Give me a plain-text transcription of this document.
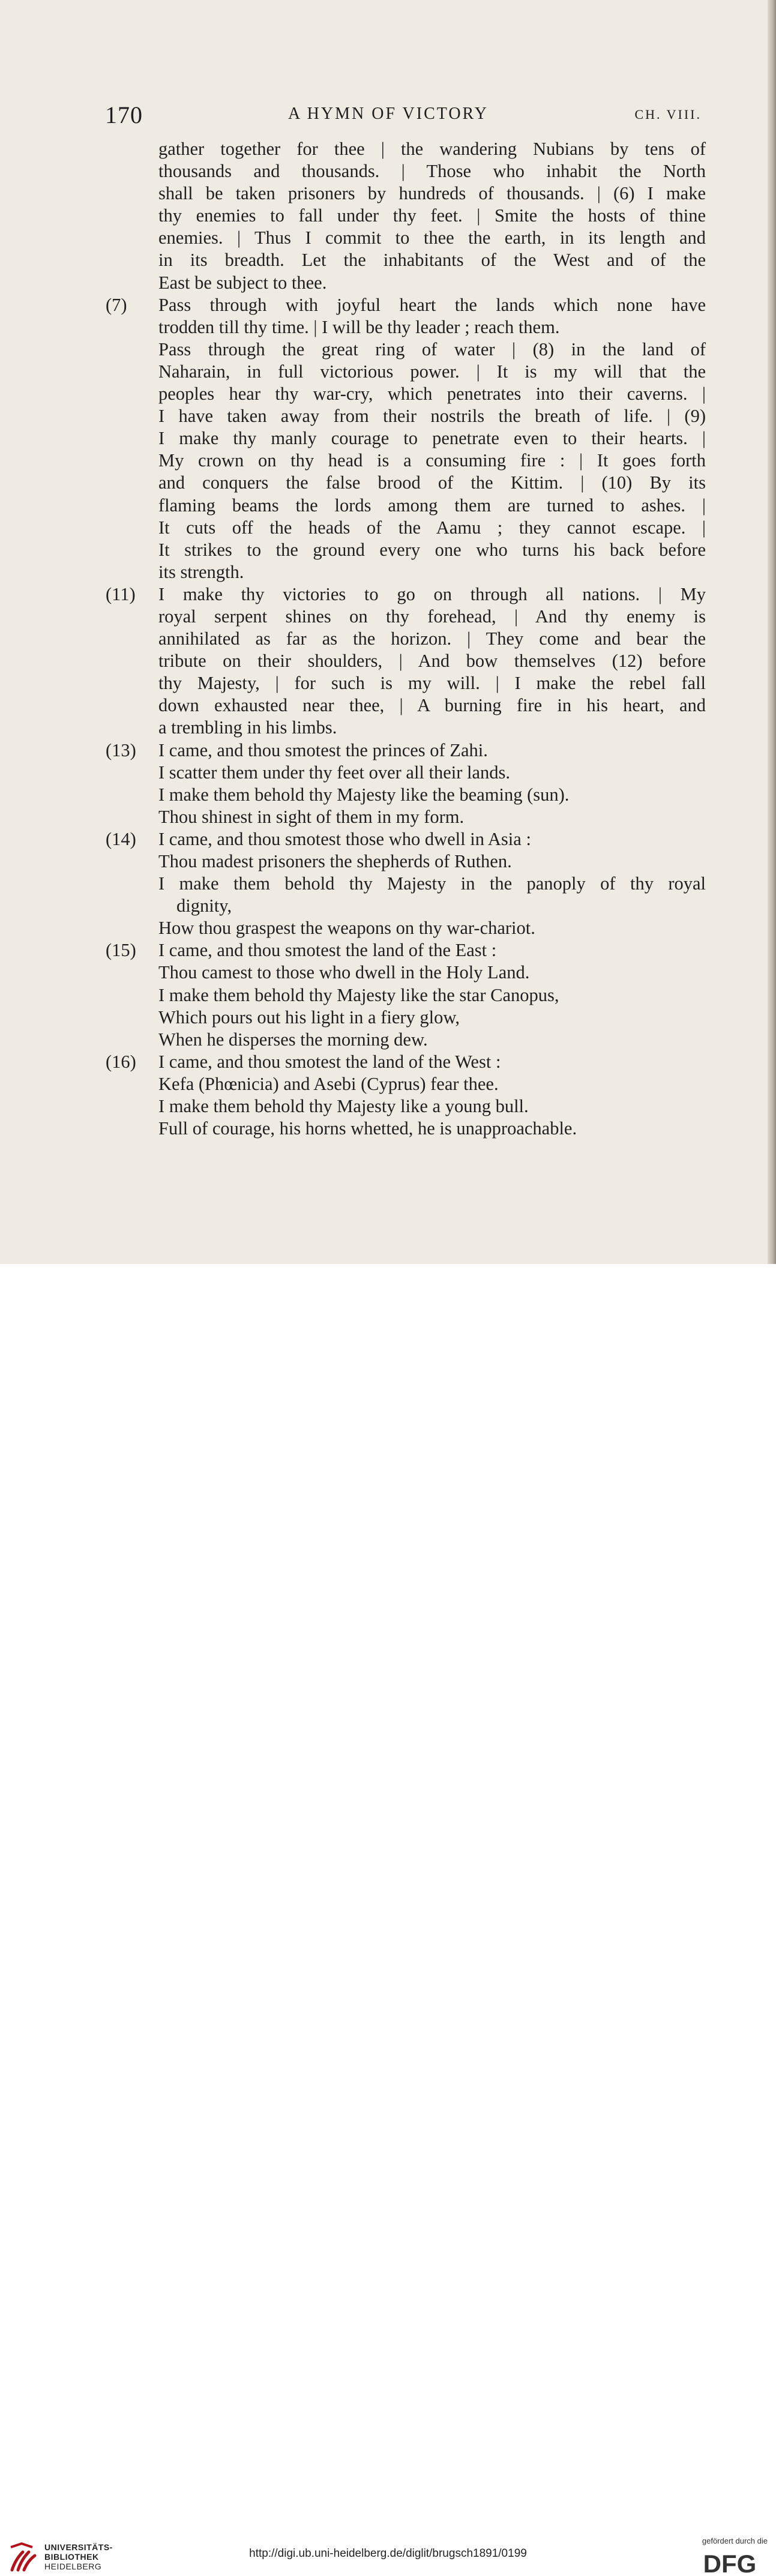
170	A HYMN OF VICTORY	CH. VIII.
gather together for thee | the wandering Nubians by tens of
thousands and thousands. | Those who inhabit the North
shall be taken prisoners by hundreds of thousands. | (6) I make
thy enemies to fall under thy feet. | Smite the hosts of thine
enemies. | Thus I commit to thee the earth, in its length and
in its breadth. Let the inhabitants of the West and of the
East be subject to thee.
(7) Pass through with joyful heart the lands which none have
trodden till thy time. | I will be thy leader ; reach them.
Pass through the great ring of water | (8) in the land of
Naharain, in full victorious power. | It is my will that the
peoples hear thy war-cry, which penetrates into their caverns. |
I have taken away from their nostrils the breath of life. | (9)
I make thy manly courage to penetrate even to their hearts. |
My crown on thy head is a consuming fire : | It goes forth
and conquers the false brood of the Kittim. | (10) By its
flaming beams the lords among them are turned to ashes. |
It cuts off the heads of the Aamu ; they cannot escape. |
It strikes to the ground every one who turns his back before
its strength.
(11) I make thy victories to go on through all nations. | My
royal serpent shines on thy forehead, | And thy enemy is
annihilated as far as the horizon. | They come and bear the
tribute on their shoulders, | And bow themselves (12) before
thy Majesty, | for such is my will. | I make the rebel fall
down exhausted near thee, | A burning fire in his heart, and
a trembling in his limbs.
(13) I came, and thou smotest the princes of Zahi.
I scatter them under thy feet over all their lands.
I make them behold thy Majesty like the beaming (sun).
Thou shinest in sight of them in my form.
(14) I came, and thou smotest those who dwell in Asia :
Thou madest prisoners the shepherds of Ruthen.
I make them behold thy Majesty in the panoply of thy royal
dignity,
How thou graspest the weapons on thy war-chariot.
(15) I came, and thou smotest the land of the East :
Thou camest to those who dwell in the Holy Land.
I make them behold thy Majesty like the star Canopus,
Which pours out his light in a fiery glow,
When he disperses the morning dew.
(16) I came, and thou smotest the land of the West :
Kefa (Phœnicia) and Asebi (Cyprus) fear thee.
I make them behold thy Majesty like a young bull.
Full of courage, his horns whetted, he is unapproachable.
UNIVERSITÄTS-
BIBLIOTHEK
HEIDELBERG
http://digi.ub.uni-heidelberg.de/diglit/brugsch1891/0199
gefördert durch die
DFG
